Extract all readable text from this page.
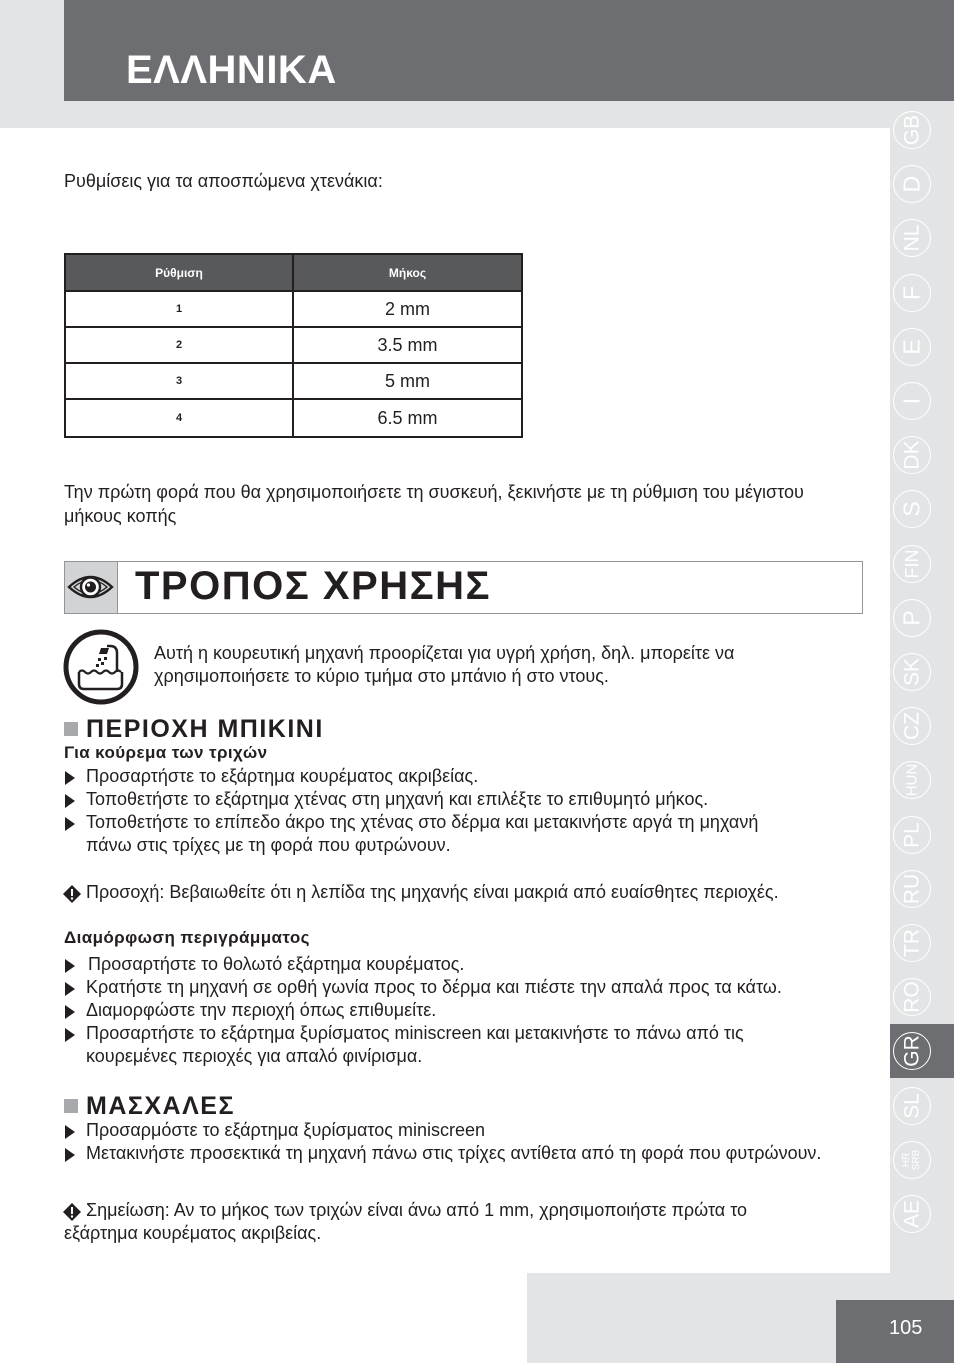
ΕΛΛΗΝΙΚΑ
Ρυθμίσεις για τα αποσπώμενα χτενάκια:
Ρύθμιση	Μήκος
1	2 mm
2	3.5 mm
3	5 mm
4	6.5 mm
Την πρώτη φορά που θα χρησιμοποιήσετε τη συσκευή, ξεκινήστε με τη ρύθμιση του μέγιστου
μήκους κοπής
ΤΡΟΠΟΣ ΧΡΗΣΗΣ
Αυτή η κουρευτική μηχανή προορίζεται για υγρή χρήση, δηλ. μπορείτε να
χρησιμοποιήσετε το κύριο τμήμα στο μπάνιο ή στο ντους.
ΠΕΡΙΟΧΗ ΜΠΙΚΙΝΙ
Για κούρεμα των τριχών
Προσαρτήστε το εξάρτημα κουρέματος ακριβείας.
Τοποθετήστε το εξάρτημα χτένας στη μηχανή και επιλέξτε το επιθυμητό μήκος.
Τοποθετήστε το επίπεδο άκρο της χτένας στο δέρμα και μετακινήστε αργά τη μηχανή
πάνω στις τρίχες με τη φορά που φυτρώνουν.
Προσοχή: Βεβαιωθείτε ότι η λεπίδα της μηχανής είναι μακριά από ευαίσθητες περιοχές.
Διαμόρφωση περιγράμματος
Προσαρτήστε το θολωτό εξάρτημα κουρέματος.
Κρατήστε τη μηχανή σε ορθή γωνία προς το δέρμα και πιέστε την απαλά προς τα κάτω.
Διαμορφώστε την περιοχή όπως επιθυμείτε.
Προσαρτήστε το εξάρτημα ξυρίσματος miniscreen και μετακινήστε το πάνω από τις
κουρεμένες περιοχές για απαλό φινίρισμα.
ΜΑΣΧΑΛΕΣ
Προσαρμόστε το εξάρτημα ξυρίσματος miniscreen
Μετακινήστε προσεκτικά τη μηχανή πάνω στις τρίχες αντίθετα από τη φορά που φυτρώνουν.
Σημείωση: Αν το μήκος των τριχών είναι άνω από 1 mm, χρησιμοποιήστε πρώτα το
εξάρτημα κουρέματος ακριβείας.
GB
D
NL
F
E
I
DK
S
FIN
P
SK
CZ
HUN
PL
RU
TR
RO
GR
SL
HR SRB
AE
105
